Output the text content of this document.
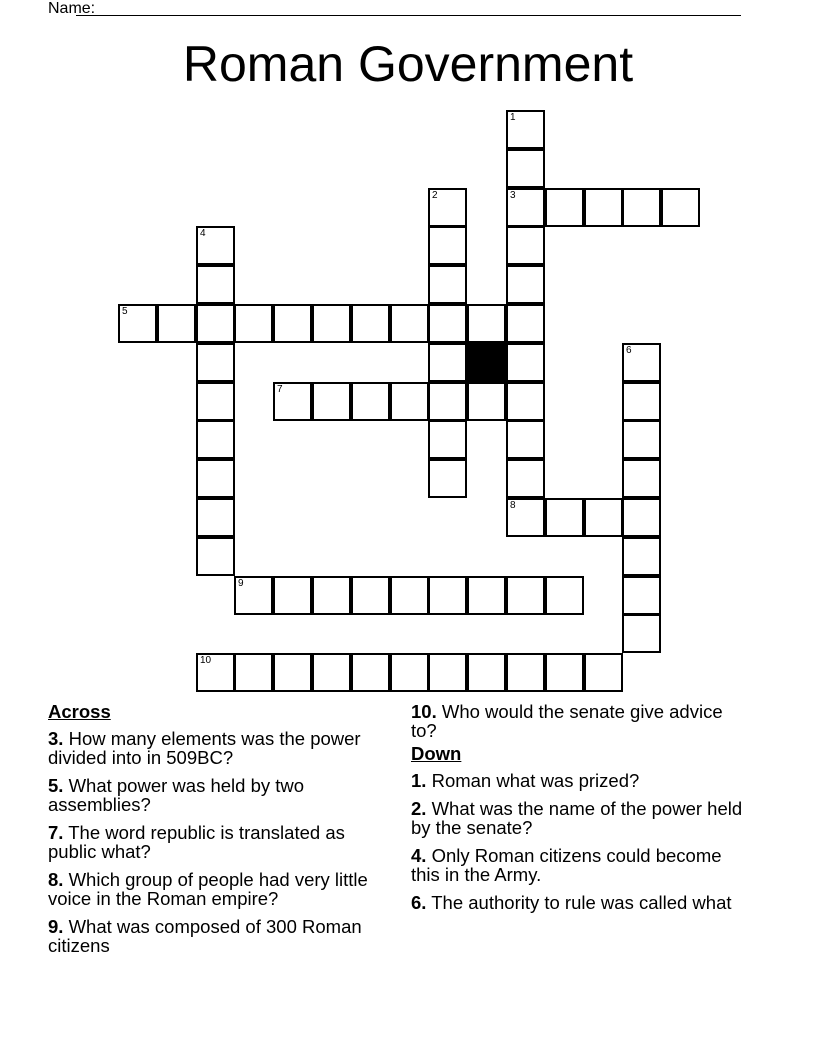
Name:
Roman Government
1
2	3
4
5
6
7
8
9
10
Across
3. How many elements was the power divided into in 509BC?
5. What power was held by two assemblies?
7. The word republic is translated as public what?
8. Which group of people had very little voice in the Roman empire?
9. What was composed of 300 Roman citizens
10. Who would the senate give advice to?
Down
1. Roman what was prized?
2. What was the name of the power held by the senate?
4. Only Roman citizens could become this in the Army.
6. The authority to rule was called what
